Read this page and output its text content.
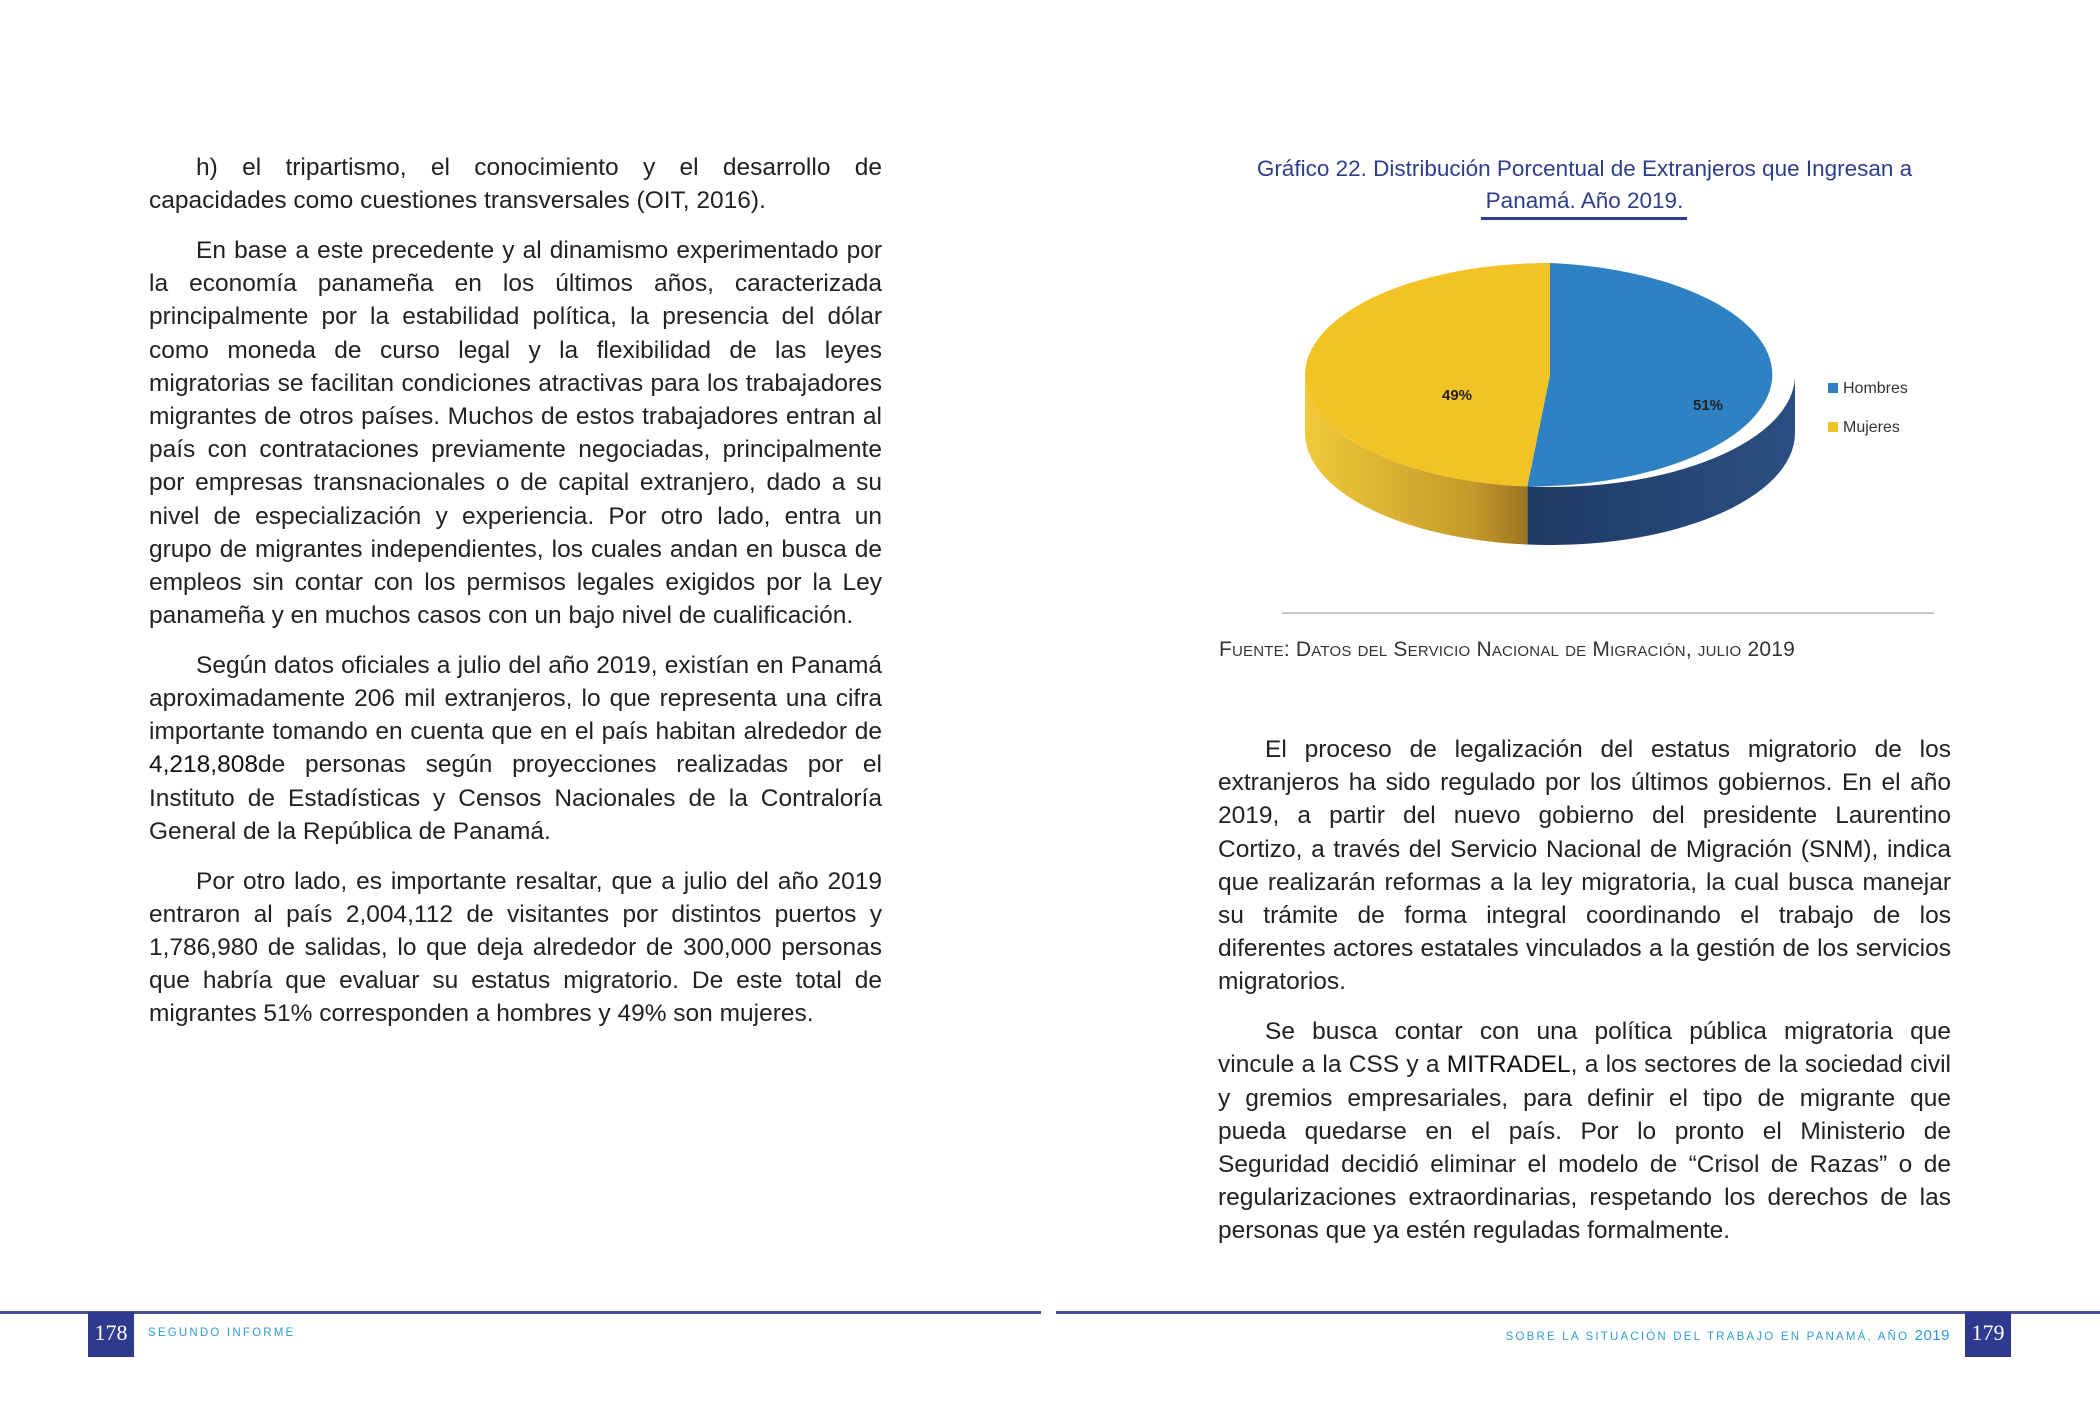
h) el tripartismo, el conocimiento y el desarrollo de capacidades como cuestiones transversales (OIT, 2016).

En base a este precedente y al dinamismo experimentado por la economía panameña en los últimos años, caracterizada principalmente por la estabilidad política, la presencia del dólar como moneda de curso legal y la flexibilidad de las leyes migratorias se facilitan condiciones atractivas para los trabajadores migrantes de otros países. Muchos de estos trabajadores entran al país con contrataciones previamente negociadas, principalmente por empresas transnacionales o de capital extranjero, dado a su nivel de especialización y experiencia. Por otro lado, entra un grupo de migrantes independientes, los cuales andan en busca de empleos sin contar con los permisos legales exigidos por la Ley panameña y en muchos casos con un bajo nivel de cualificación.

Según datos oficiales a julio del año 2019, existían en Panamá aproximadamente 206 mil extranjeros, lo que representa una cifra importante tomando en cuenta que en el país habitan alrededor de 4,218,808de personas según proyecciones realizadas por el Instituto de Estadísticas y Censos Nacionales de la Contraloría General de la República de Panamá.

Por otro lado, es importante resaltar, que a julio del año 2019 entraron al país 2,004,112 de visitantes por distintos puertos y 1,786,980 de salidas, lo que deja alrededor de 300,000 personas que habría que evaluar su estatus migratorio. De este total de migrantes 51% corresponden a hombres y 49% son mujeres.

Gráfico 22. Distribución Porcentual de Extranjeros que Ingresan a
Panamá. Año 2019.
51%
49%	Hombres
Mujeres
Fuente: Datos del Servicio Nacional de Migración, julio 2019

El proceso de legalización del estatus migratorio de los extranjeros ha sido regulado por los últimos gobiernos. En el año 2019, a partir del nuevo gobierno del presidente Laurentino Cortizo, a través del Servicio Nacional de Migración (SNM), indica que realizarán reformas a la ley migratoria, la cual busca manejar su trámite de forma integral coordinando el trabajo de los diferentes actores estatales vinculados a la gestión de los servicios migratorios.

Se busca contar con una política pública migratoria que vincule a la CSS y a MITRADEL, a los sectores de la sociedad civil y gremios empresariales, para definir el tipo de migrante que pueda quedarse en el país. Por lo pronto el Ministerio de Seguridad decidió eliminar el modelo de “Crisol de Razas” o de regularizaciones extraordinarias, respetando los derechos de las personas que ya estén reguladas formalmente.

178	179
SEGUNDO INFORME	SOBRE LA SITUACIÓN DEL TRABAJO EN PANAMÁ, AÑO 2019
